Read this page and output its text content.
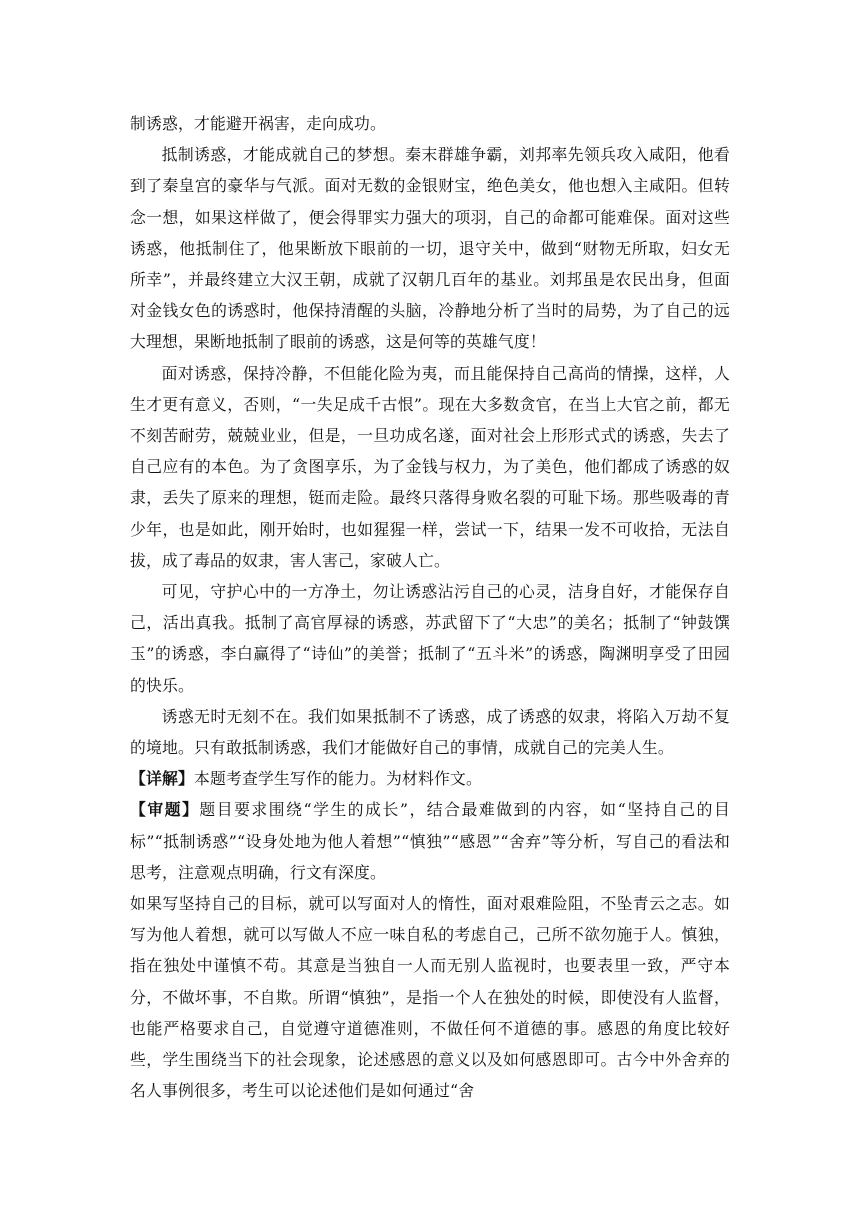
制诱惑，才能避开祸害，走向成功。

抵制诱惑，才能成就自己的梦想。秦末群雄争霸，刘邦率先领兵攻入咸阳，他看到了秦皇宫的豪华与气派。面对无数的金银财宝，绝色美女，他也想入主咸阳。但转念一想，如果这样做了，便会得罪实力强大的项羽，自己的命都可能难保。面对这些诱惑，他抵制住了，他果断放下眼前的一切，退守关中，做到“财物无所取，妇女无所幸”，并最终建立大汉王朝，成就了汉朝几百年的基业。刘邦虽是农民出身，但面对金钱女色的诱惑时，他保持清醒的头脑，冷静地分析了当时的局势，为了自己的远大理想，果断地抵制了眼前的诱惑，这是何等的英雄气度！

面对诱惑，保持冷静，不但能化险为夷，而且能保持自己高尚的情操，这样，人生才更有意义，否则，“一失足成千古恨”。现在大多数贪官，在当上大官之前，都无不刻苦耐劳，兢兢业业，但是，一旦功成名遂，面对社会上形形式式的诱惑，失去了自己应有的本色。为了贪图享乐，为了金钱与权力，为了美色，他们都成了诱惑的奴隶，丢失了原来的理想，铤而走险。最终只落得身败名裂的可耻下场。那些吸毒的青少年，也是如此，刚开始时，也如猩猩一样，尝试一下，结果一发不可收拾，无法自拔，成了毒品的奴隶，害人害己，家破人亡。

可见，守护心中的一方净土，勿让诱惑沾污自己的心灵，洁身自好，才能保存自己，活出真我。抵制了高官厚禄的诱惑，苏武留下了“大忠”的美名；抵制了“钟鼓馔玉”的诱惑，李白赢得了“诗仙”的美誉；抵制了“五斗米”的诱惑，陶渊明享受了田园的快乐。

诱惑无时无刻不在。我们如果抵制不了诱惑，成了诱惑的奴隶，将陷入万劫不复的境地。只有敢抵制诱惑，我们才能做好自己的事情，成就自己的完美人生。

【详解】本题考查学生写作的能力。为材料作文。

【审题】题目要求围绕“学生的成长”，结合最难做到的内容，如“坚持自己的目标”“抵制诱惑”“设身处地为他人着想”“慎独”“感恩”“舍弃”等分析，写自己的看法和思考，注意观点明确，行文有深度。

如果写坚持自己的目标，就可以写面对人的惰性，面对艰难险阻，不坠青云之志。如写为他人着想，就可以写做人不应一味自私的考虑自己，己所不欲勿施于人。慎独，指在独处中谨慎不苟。其意是当独自一人而无别人监视时，也要表里一致，严守本分，不做坏事，不自欺。所谓“慎独”，是指一个人在独处的时候，即使没有人监督，也能严格要求自己，自觉遵守道德准则，不做任何不道德的事。感恩的角度比较好些，学生围绕当下的社会现象，论述感恩的意义以及如何感恩即可。古今中外舍弃的名人事例很多，考生可以论述他们是如何通过“舍
